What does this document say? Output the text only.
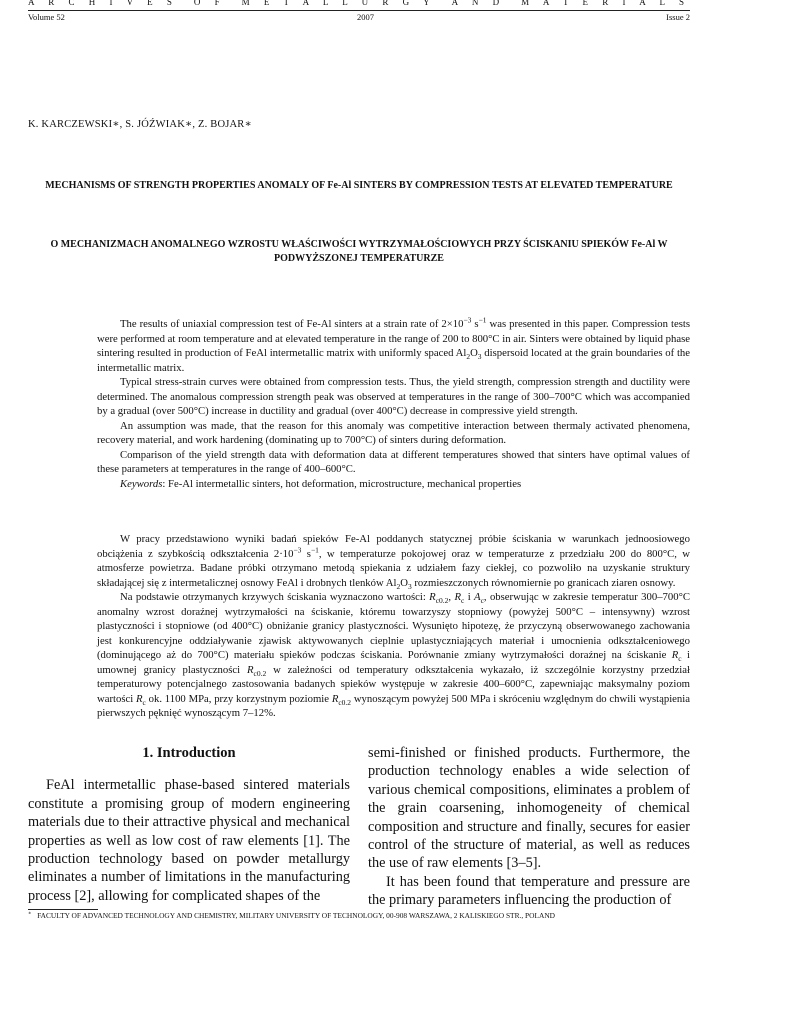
A R C H I V E S O F M E T A L L U R G Y A N D M A T E R I A L S
Volume 52	2007	Issue 2
K. KARCZEWSKI∗, S. JÓŹWIAK∗, Z. BOJAR∗
MECHANISMS OF STRENGTH PROPERTIES ANOMALY OF Fe-Al SINTERS BY COMPRESSION TESTS AT ELEVATED TEMPERATURE
O MECHANIZMACH ANOMALNEGO WZROSTU WŁAŚCIWOŚCI WYTRZYMAŁOŚCIOWYCH PRZY ŚCISKANIU SPIEKÓW Fe-Al W PODWYŻSZONEJ TEMPERATURZE

The results of uniaxial compression test of Fe-Al sinters at a strain rate of $2\times 10^{-3}$ $s^{-1}$ was presented in this paper. Compression tests were performed at room temperature and at elevated temperature in the range of 200 to 800°C in air. Sinters were obtained by liquid phase sintering resulted in production of FeAl intermetallic matrix with uniformly spaced $Al_2O_3$ dispersoid located at the grain boundaries of the intermetallic matrix.

Typical stress-strain curves were obtained from compression tests. Thus, the yield strength, compression strength and ductility were determined. The anomalous compression strength peak was observed at temperatures in the range of 300–700°C which was accompanied by a gradual (over 500°C) increase in ductility and gradual (over 400°C) decrease in compressive yield strength.

An assumption was made, that the reason for this anomaly was competitive interaction between thermaly activated phenomena, recovery material, and work hardening (dominating up to 700°C) of sinters during deformation.

Comparison of the yield strength data with deformation data at different temperatures showed that sinters have optimal values of these parameters at temperatures in the range of 400–600°C.

Keywords: Fe-Al intermetallic sinters, hot deformation, microstructure, mechanical properties

W pracy przedstawiono wyniki badań spieków Fe-Al poddanych statycznej próbie ściskania w warunkach jednoosiowego obciążenia z szybkością odkształcenia $2\cdot 10^{-3}$ $s^{-1}$, w temperaturze pokojowej oraz w temperaturze z przedziału 200 do 800°C, w atmosferze powietrza. Badane próbki otrzymano metodą spiekania z udziałem fazy ciekłej, co pozwoliło na uzyskanie struktury składającej się z intermetalicznej osnowy FeAl i drobnych tlenków $Al_2O_3$ rozmieszczonych równomiernie po granicach ziaren osnowy.

Na podstawie otrzymanych krzywych ściskania wyznaczono wartości: $R_{c0.2}$, $R_c$ i $A_c$, obserwując w zakresie temperatur 300–700°C anomalny wzrost doraźnej wytrzymałości na ściskanie, któremu towarzyszy stopniowy (powyżej 500°C – intensywny) wzrost plastyczności i stopniowe (od 400°C) obniżanie granicy plastyczności. Wysunięto hipotezę, że przyczyną obserwowanego zachowania jest konkurencyjne oddziaływanie zjawisk aktywowanych cieplnie uplastyczniających materiał i umocnienia odkształceniowego (dominującego aż do 700°C) materiału spieków podczas ściskania. Porównanie zmiany wytrzymałości doraźnej na ściskanie $R_c$ i umownej granicy plastyczności $R_{c0.2}$ w zależności od temperatury odkształcenia wykazało, iż szczególnie korzystny przedział temperaturowy potencjalnego zastosowania badanych spieków występuje w zakresie 400–600°C, zapewniając maksymalny poziom wartości $R_c$ ok. 1100 MPa, przy korzystnym poziomie $R_{c0.2}$ wynoszącym powyżej 500 MPa i skróceniu względnym do chwili wystąpienia pierwszych pęknięć wynoszącym 7–12%.

1. Introduction

FeAl intermetallic phase-based sintered materials constitute a promising group of modern engineering materials due to their attractive physical and mechanical properties as well as low cost of raw elements [1]. The production technology based on powder metallurgy eliminates a number of limitations in the manufacturing process [2], allowing for complicated shapes of the

semi-finished or finished products. Furthermore, the production technology enables a wide selection of various chemical compositions, eliminates a problem of the grain coarsening, inhomogeneity of chemical composition and structure and finally, secures for easier control of the structure of material, as well as reduces the use of raw elements [3–5].

It has been found that temperature and pressure are the primary parameters influencing the production of

∗ FACULTY OF ADVANCED TECHNOLOGY AND CHEMISTRY, MILITARY UNIVERSITY OF TECHNOLOGY, 00-908 WARSZAWA, 2 KALISKIEGO STR., POLAND
